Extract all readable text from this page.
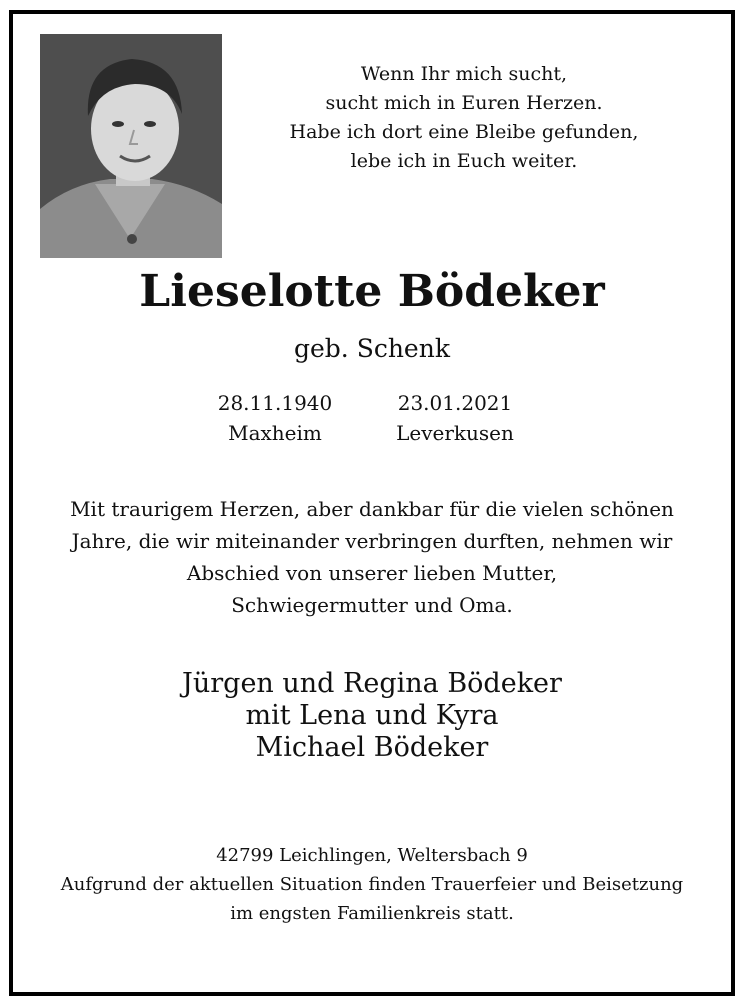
Wenn Ihr mich sucht,
sucht mich in Euren Herzen.
Habe ich dort eine Bleibe gefunden,
lebe ich in Euch weiter.
Lieselotte Bödeker
geb. Schenk
28.11.1940
Maxheim
23.01.2021
Leverkusen
Mit traurigem Herzen, aber dankbar für die vielen schönen
Jahre, die wir miteinander verbringen durften, nehmen wir
Abschied von unserer lieben Mutter,
Schwiegermutter und Oma.
Jürgen und Regina Bödeker
mit Lena und Kyra
Michael Bödeker
42799 Leichlingen, Weltersbach 9
Aufgrund der aktuellen Situation finden Trauerfeier und Beisetzung
im engsten Familienkreis statt.
